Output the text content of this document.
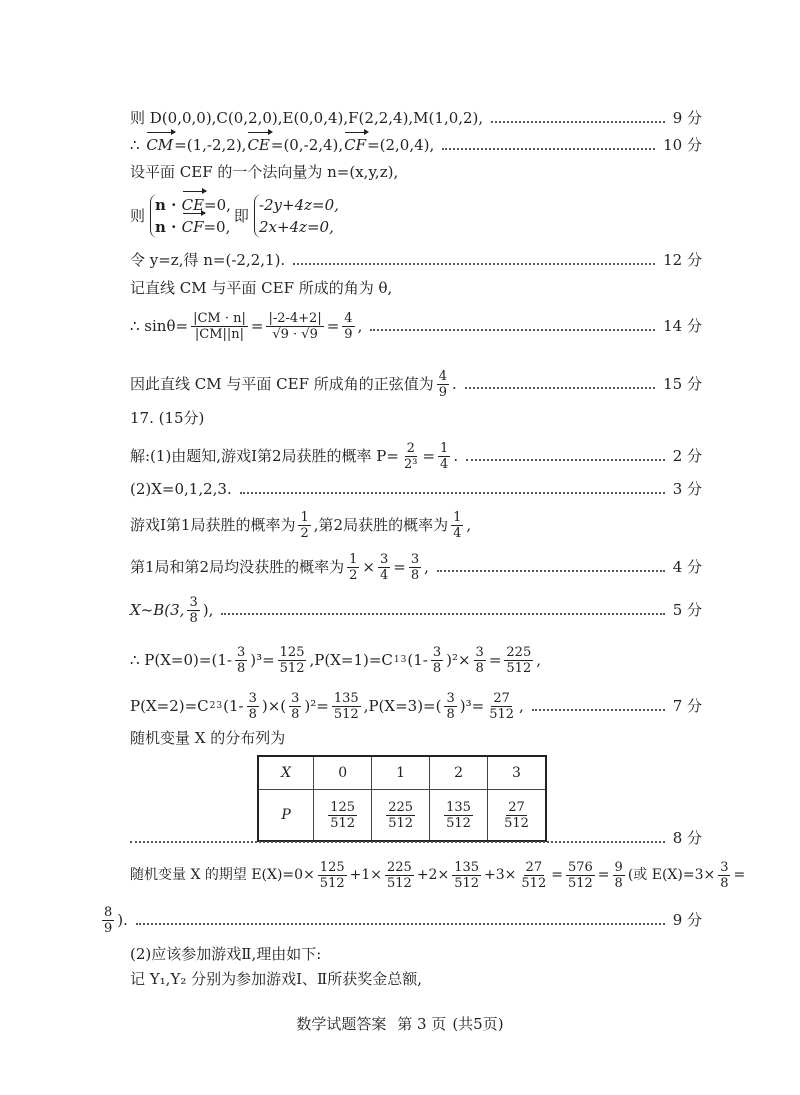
则 D(0,0,0),C(0,2,0),E(0,0,4),F(2,2,4),M(1,0,2),	9 分
∴
CM =(1,-2,2), CE =(0,-2,4), CF =(2,0,4),	10 分
设平面 CEF 的一个法向量为 n=(x,y,z),
则
n · CE=0,
n · CF=0,
即
-2y+4z=0,
2x+4z=0,
令 y=z,得 n=(-2,2,1).	12 分
记直线 CM 与平面 CEF 所成的角为 θ,
∴ $\sin\theta= \frac{|CM \cdot n|}{|CM||n|} = \frac{|-2-4+2|}{√9 \cdot √9} = \frac{4}{9}$ ,	14 分
因此直线 CM 与平面 CEF 所成角的正弦值为 $\frac{4}{9}$ .	15 分
17. (15分)
解:(1)由题知,游戏Ⅰ第2局获胜的概率 $P= \frac{2}{\text{2³}} = \frac{1}{4}$ .	2 分
(2)X=0,1,2,3.	3 分
游戏Ⅰ第1局获胜的概率为 $\frac{1}{2}$ ,第2局获胜的概率为 $\frac{1}{4}$ ,
第1局和第2局均没获胜的概率为 $\frac{1}{2} \times \frac{3}{4} = \frac{3}{8}$ ,	4 分
X~B(3, $\frac{3}{8}$ ),	5 分
∴ $P(X=0)=(1- \frac{3}{8} )^3= \frac{125}{512} ,P(X=1)=C$ 1 3 $(1- \frac{3}{8} )^2\times \frac{3}{8} = \frac{225}{512}$ ,
P(X=2)=C 2 3 ($1- \frac{3}{8}$ )×( $\frac{3}{8} )^2= \frac{135}{512} ,P(X=3)=( \frac{3}{8} )^3= \frac{27}{512}$ ,	7 分
随机变量 X 的分布列为
X	0	1	2	3
P	$\frac{125}{512}$	$\frac{225}{512}$	$\frac{135}{512}$	$\frac{27}{512}$
8 分
随机变量 X 的期望 $E(X)=0\times \frac{125}{512} +1\times \frac{225}{512} +2\times \frac{135}{512} +3\times \frac{27}{512} = \frac{576}{512} = \frac{9}{8}$ (或 $E(X)=3\times \frac{3}{8}$ =
$\frac{8}{9}$ ).	9 分
(2)应该参加游戏Ⅱ,理由如下:
记 Y₁,Y₂ 分别为参加游戏Ⅰ、Ⅱ所获奖金总额,
数学试题答案 第 3 页 (共5页)
